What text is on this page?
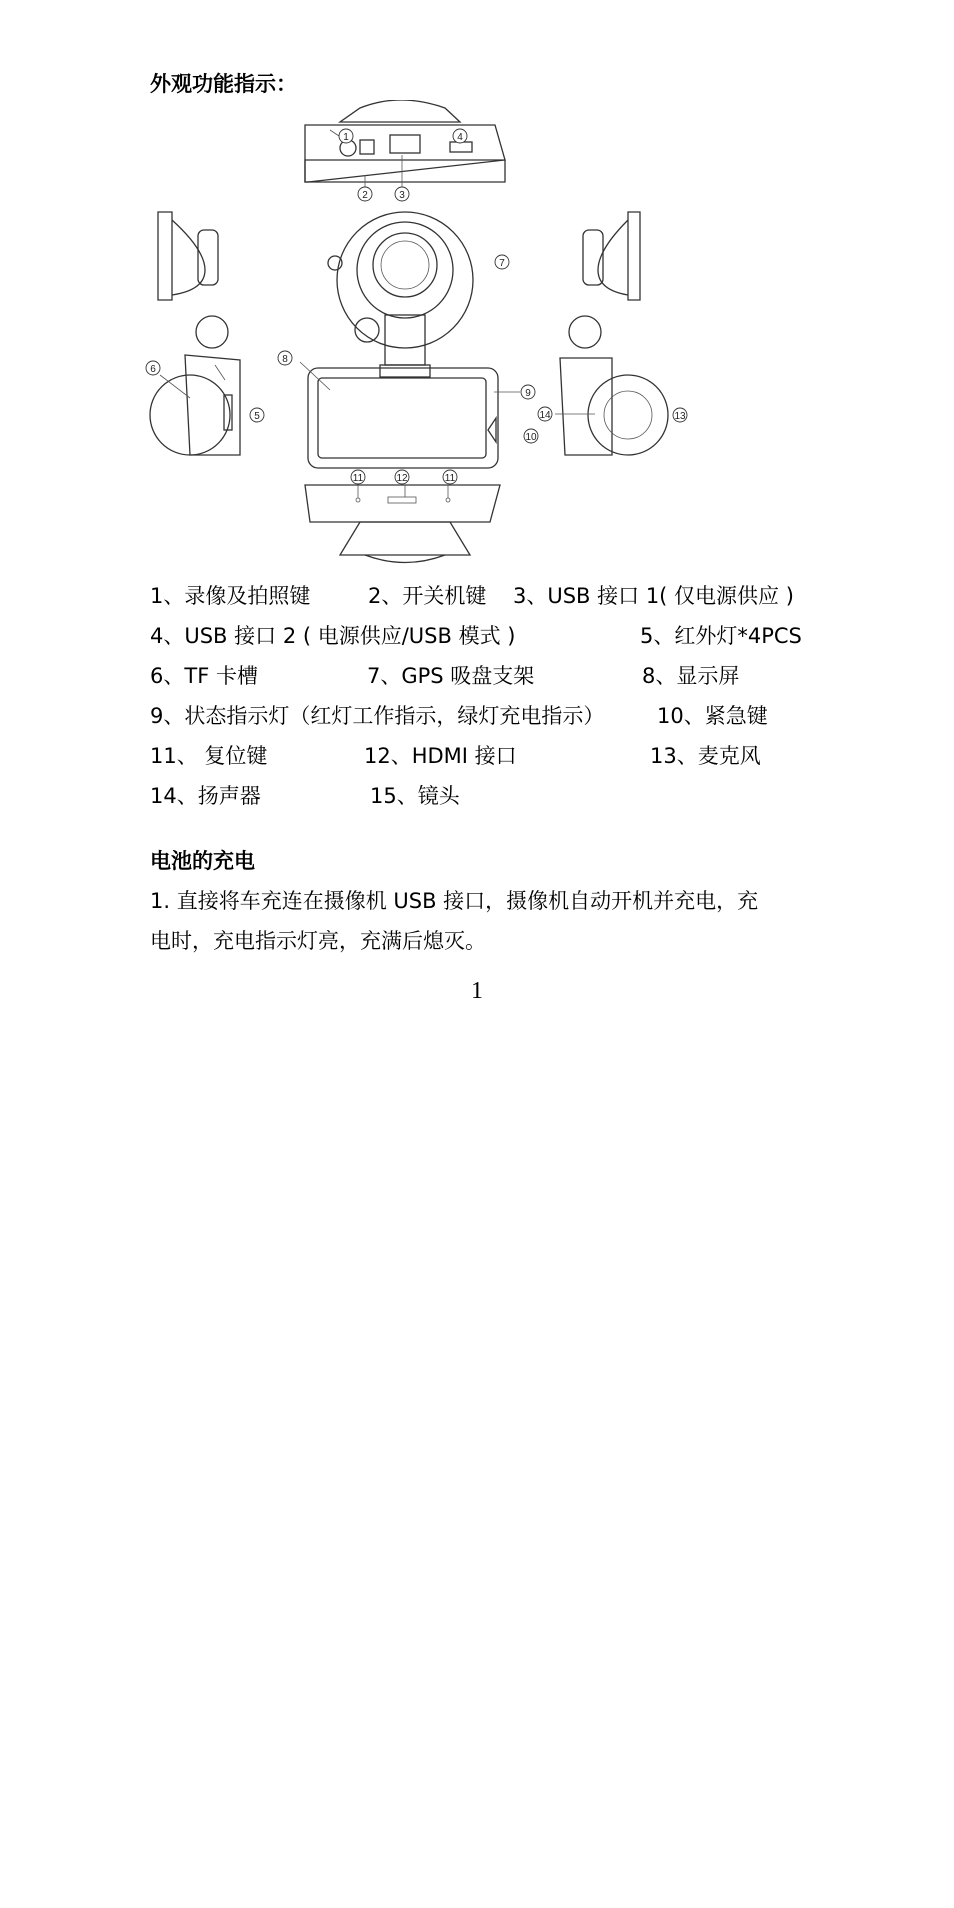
外观功能指示：
1
2	3
4
5
6
7
8
9
10
11	12	11
13
14
1、录像及拍照键	2、开关机键 3、USB 接口 1( 仅电源供应 )
4、USB 接口 2 ( 电源供应/USB 模式 )	5、红外灯*4PCS
6、TF 卡槽	7、GPS 吸盘支架	8、显示屏
9、状态指示灯（红灯工作指示，绿灯充电指示）	10、紧急键
11、 复位键	12、HDMI 接口	13、麦克风
14、扬声器	15、镜头
电池的充电
1. 直接将车充连在摄像机 USB 接口，摄像机自动开机并充电，充
电时，充电指示灯亮，充满后熄灭。
1
